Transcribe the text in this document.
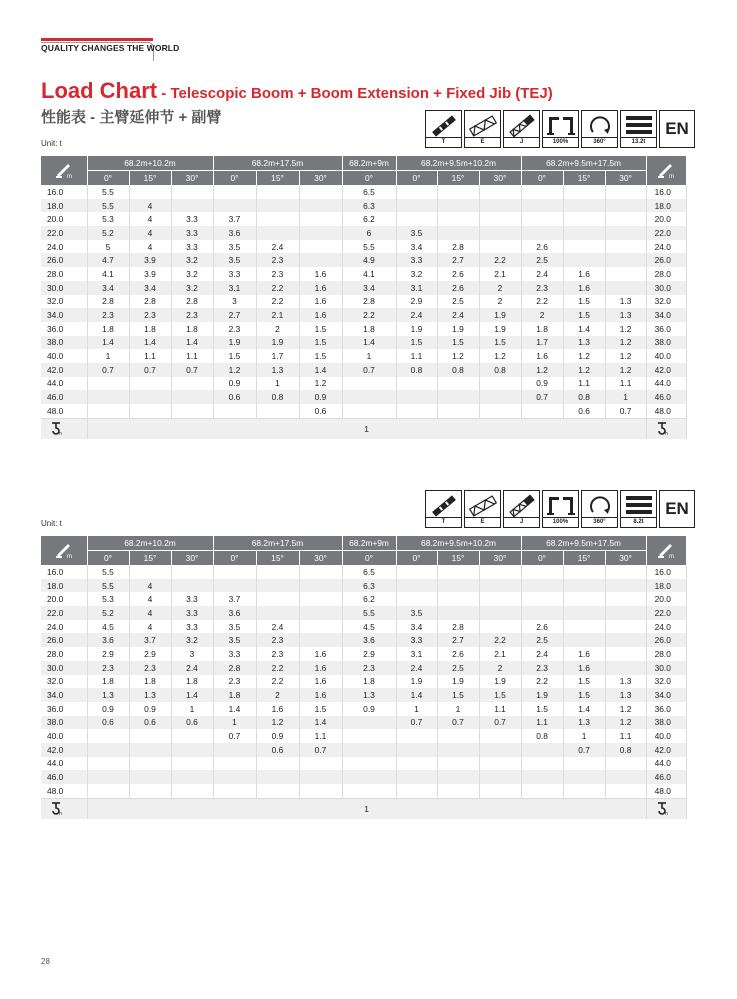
QUALITY CHANGES THE WORLD
Load Chart - Telescopic Boom + Boom Extension + Fixed Jib (TEJ)
性能表 - 主臂延伸节 + 副臂
Unit: t	T	E	J	100%	360°	13.2t
EN
m	68.2m+10.2m			68.2m+17.5m			68.2m+9m	68.2m+9.5m+10.2m			68.2m+9.5m+17.5m			m

	0°	15°	30°	0°	15°	30°	0°	0°	15°	30°	0°	15°	30°	
16.0	5.5						6.5							16.0
18.0	5.5	4					6.3							18.0
20.0	5.3	4	3.3	3.7			6.2							20.0
22.0	5.2	4	3.3	3.6			6	3.5						22.0
24.0	5	4	3.3	3.5	2.4		5.5	3.4	2.8		2.6			24.0
26.0	4.7	3.9	3.2	3.5	2.3		4.9	3.3	2.7	2.2	2.5			26.0
28.0	4.1	3.9	3.2	3.3	2.3	1.6	4.1	3.2	2.6	2.1	2.4	1.6		28.0
30.0	3.4	3.4	3.2	3.1	2.2	1.6	3.4	3.1	2.6	2	2.3	1.6		30.0
32.0	2.8	2.8	2.8	3	2.2	1.6	2.8	2.9	2.5	2	2.2	1.5	1.3	32.0
34.0	2.3	2.3	2.3	2.7	2.1	1.6	2.2	2.4	2.4	1.9	2	1.5	1.3	34.0
36.0	1.8	1.8	1.8	2.3	2	1.5	1.8	1.9	1.9	1.9	1.8	1.4	1.2	36.0
38.0	1.4	1.4	1.4	1.9	1.9	1.5	1.4	1.5	1.5	1.5	1.7	1.3	1.2	38.0
40.0	1	1.1	1.1	1.5	1.7	1.5	1	1.1	1.2	1.2	1.6	1.2	1.2	40.0
42.0	0.7	0.7	0.7	1.2	1.3	1.4	0.7	0.8	0.8	0.8	1.2	1.2	1.2	42.0
44.0				0.9	1	1.2					0.9	1.1	1.1	44.0
46.0				0.6	0.8	0.9					0.7	0.8	1	46.0
48.0						0.6						0.6	0.7	48.0

n	1													n
Unit: t	T	E	J	100%	360°	8.2t
EN
m	68.2m+10.2m			68.2m+17.5m			68.2m+9m	68.2m+9.5m+10.2m			68.2m+9.5m+17.5m			m

	0°	15°	30°	0°	15°	30°	0°	0°	15°	30°	0°	15°	30°	
16.0	5.5						6.5							16.0
18.0	5.5	4					6.3							18.0
20.0	5.3	4	3.3	3.7			6.2							20.0
22.0	5.2	4	3.3	3.6			5.5	3.5						22.0
24.0	4.5	4	3.3	3.5	2.4		4.5	3.4	2.8		2.6			24.0
26.0	3.6	3.7	3.2	3.5	2.3		3.6	3.3	2.7	2.2	2.5			26.0
28.0	2.9	2.9	3	3.3	2.3	1.6	2.9	3.1	2.6	2.1	2.4	1.6		28.0
30.0	2.3	2.3	2.4	2.8	2.2	1.6	2.3	2.4	2.5	2	2.3	1.6		30.0
32.0	1.8	1.8	1.8	2.3	2.2	1.6	1.8	1.9	1.9	1.9	2.2	1.5	1.3	32.0
34.0	1.3	1.3	1.4	1.8	2	1.6	1.3	1.4	1.5	1.5	1.9	1.5	1.3	34.0
36.0	0.9	0.9	1	1.4	1.6	1.5	0.9	1	1	1.1	1.5	1.4	1.2	36.0
38.0	0.6	0.6	0.6	1	1.2	1.4		0.7	0.7	0.7	1.1	1.3	1.2	38.0
40.0				0.7	0.9	1.1					0.8	1	1.1	40.0
42.0					0.6	0.7						0.7	0.8	42.0
44.0														44.0
46.0														46.0
48.0														48.0

n	1													n
28
